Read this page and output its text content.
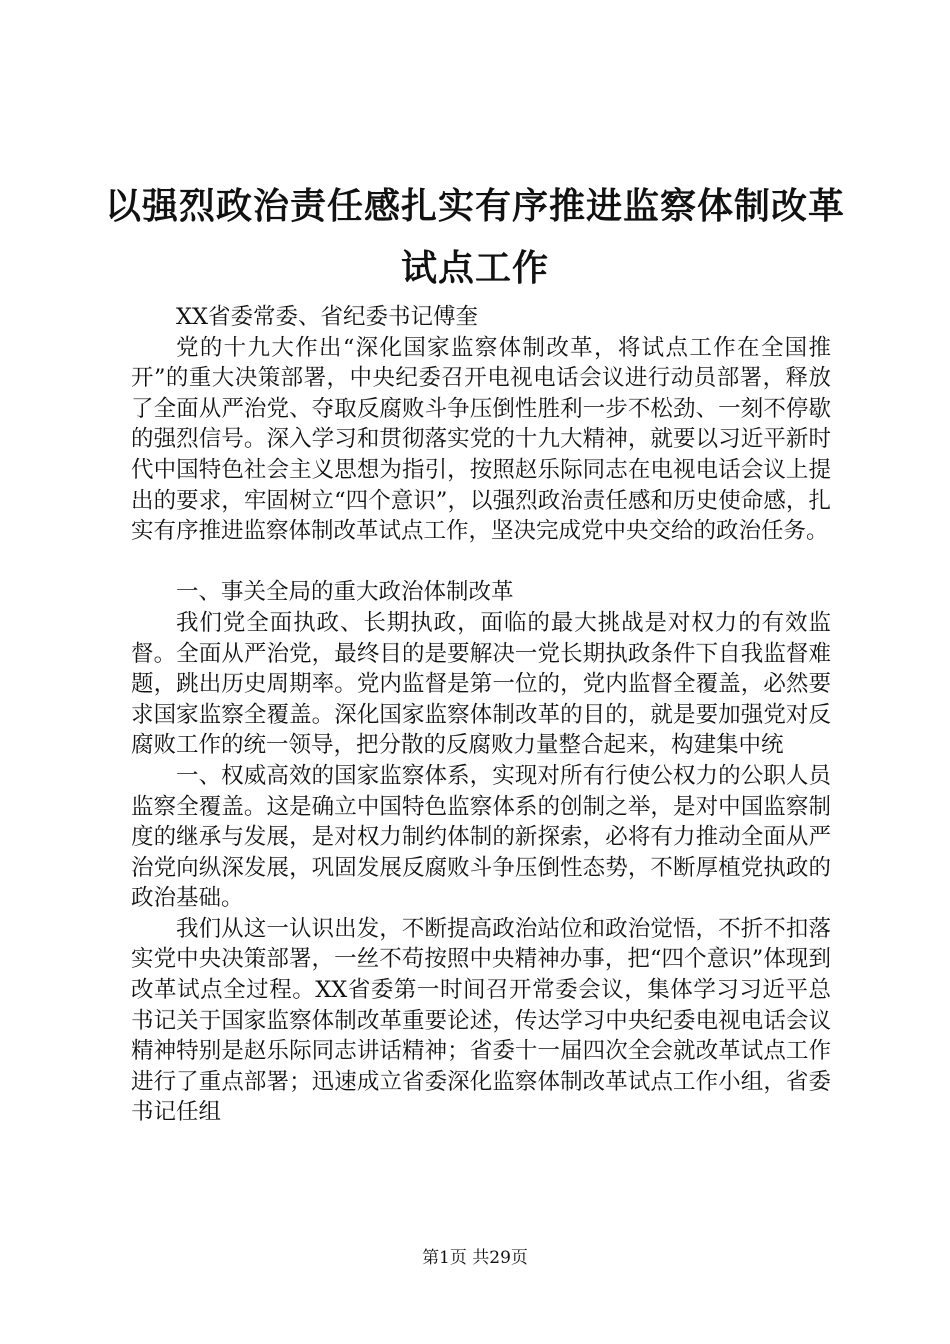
以强烈政治责任感扎实有序推进监察体制改革
试点工作

XX省委常委、省纪委书记傅奎

党的十九大作出“深化国家监察体制改革，将试点工作在全国推开”的重大决策部署，中央纪委召开电视电话会议进行动员部署，释放了全面从严治党、夺取反腐败斗争压倒性胜利一步不松劲、一刻不停歇的强烈信号。深入学习和贯彻落实党的十九大精神，就要以习近平新时代中国特色社会主义思想为指引，按照赵乐际同志在电视电话会议上提出的要求，牢固树立“四个意识”，以强烈政治责任感和历史使命感，扎实有序推进监察体制改革试点工作，坚决完成党中央交给的政治任务。

一、事关全局的重大政治体制改革

我们党全面执政、长期执政，面临的最大挑战是对权力的有效监督。全面从严治党，最终目的是要解决一党长期执政条件下自我监督难题，跳出历史周期率。党内监督是第一位的，党内监督全覆盖，必然要求国家监察全覆盖。深化国家监察体制改革的目的，就是要加强党对反腐败工作的统一领导，把分散的反腐败力量整合起来，构建集中统

一、权威高效的国家监察体系，实现对所有行使公权力的公职人员监察全覆盖。这是确立中国特色监察体系的创制之举，是对中国监察制度的继承与发展，是对权力制约体制的新探索，必将有力推动全面从严治党向纵深发展，巩固发展反腐败斗争压倒性态势，不断厚植党执政的政治基础。

我们从这一认识出发，不断提高政治站位和政治觉悟，不折不扣落实党中央决策部署，一丝不苟按照中央精神办事，把“四个意识”体现到改革试点全过程。XX省委第一时间召开常委会议，集体学习习近平总书记关于国家监察体制改革重要论述，传达学习中央纪委电视电话会议精神特别是赵乐际同志讲话精神；省委十一届四次全会就改革试点工作进行了重点部署；迅速成立省委深化监察体制改革试点工作小组，省委书记任组

第1页 共29页
